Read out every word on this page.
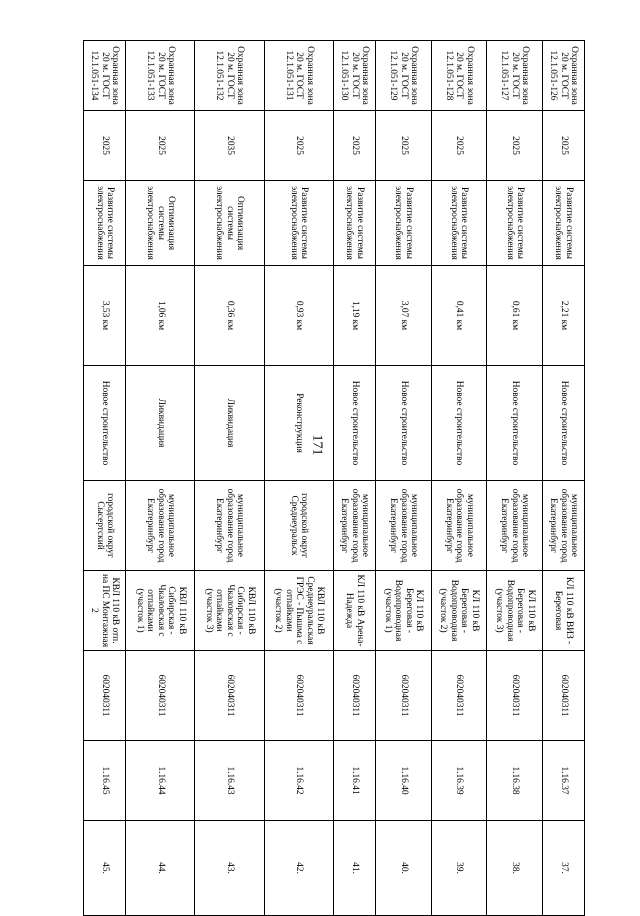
171
Охранная зона 20 м. ГОСТ 12.1.051-126	2025	Развитие системы электроснабжения	2,21 км	Новое строительство	муниципальное образование город Екатеринбург	КЛ 110 кВ ВИЗ - Береговая	602040311	1.16.37	37.
Охранная зона 20 м. ГОСТ 12.1.051-127	2025	Развитие системы электроснабжения	0,61 км	Новое строительство	муниципальное образование город Екатеринбург	КЛ 110 кВ Береговая - Водопроводная (участок 3)	602040311	1.16.38	38.
Охранная зона 20 м. ГОСТ 12.1.051-128	2025	Развитие системы электроснабжения	0,41 км	Новое строительство	муниципальное образование город Екатеринбург	КЛ 110 кВ Береговая - Водопроводная (участок 2)	602040311	1.16.39	39.
Охранная зона 20 м. ГОСТ 12.1.051-129	2025	Развитие системы электроснабжения	3,07 км	Новое строительство	муниципальное образование город Екатеринбург	КЛ 110 кВ Береговая - Водопроводная (участок 1)	602040311	1.16.40	40.
Охранная зона 20 м. ГОСТ 12.1.051-130	2025	Развитие системы электроснабжения	1,19 км	Новое строительство	муниципальное образование город Екатеринбург	КЛ 110 кВ Арена-Надежда	602040311	1.16.41	41.
Охранная зона 20 м. ГОСТ 12.1.051-131	2025	Развитие системы электроснабжения	0,93 км	Реконструкция	городской округ Среднеуральск	КВЛ 110 кВ Среднеуральская ГРЭС - Пышма с отпайками (участок 2)	602040311	1.16.42	42.
Охранная зона 20 м. ГОСТ 12.1.051-132	2035	Оптимизация системы электроснабжения	0,36 км	Ликвидация	муниципальное образование город Екатеринбург	КВЛ 110 кВ Сибирская - Чкаловская с отпайками (участок 3)	602040311	1.16.43	43.
Охранная зона 20 м. ГОСТ 12.1.051-133	2025	Оптимизация системы электроснабжения	1,06 км	Ликвидация	муниципальное образование город Екатеринбург	КВЛ 110 кВ Сибирская - Чкаловская с отпайками (участок 1)	602040311	1.16.44	44.
Охранная зона 20 м. ГОСТ 12.1.051-134	2025	Развитие системы электроснабжения	3,53 км	Новое строительство	городской округ Сысертский	КВЛ 110 кВ отп. на ПС Монтажная 2	602040311	1.16.45	45.
